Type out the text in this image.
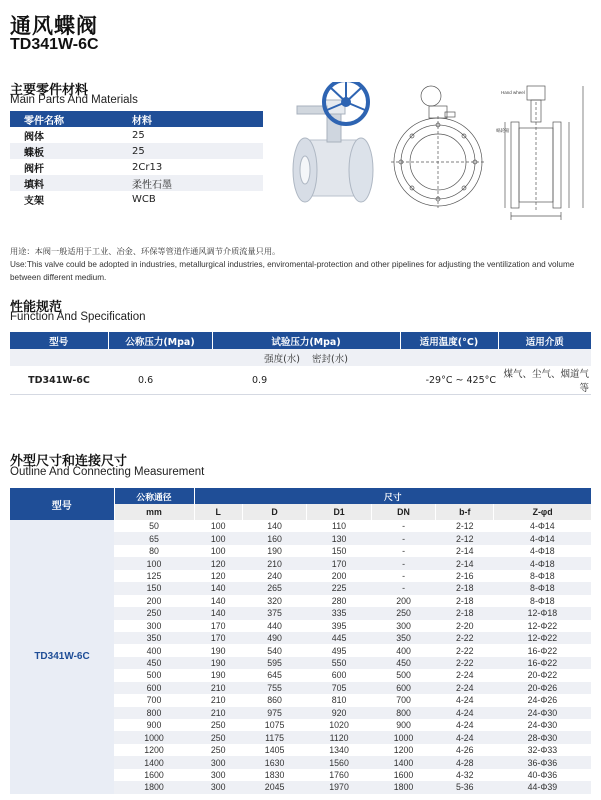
通风蝶阀
TD341W-6C
主要零件材料
Main Parts And Materials
零件名称	材料
阀体	25
蝶板	25
阀杆	2Cr13
填料	柔性石墨
支架	WCB
Hand wheel
蜗轮箱
用途：本阀一般适用于工业、冶金、环保等管道作通风调节介质流量只用。
Use:This valve could be adopted in industries, metallurgical industries, enviromental-protection and other pipelines for adjusting the ventilization and volume between different medium.
性能规范
Function And Specification
型号	公称压力(Mpa)	试验压力(Mpa)		适用温度(°C)	适用介质
		强度(水)	密封(水)		
TD341W-6C	0.6	0.9		-29°C ~ 425°C	煤气、尘气、烟道气等
外型尺寸和连接尺寸
Outline And Connecting Measurement
型号	公称通径	尺寸					
	mm	L	D	D1	DN	b-f	Z-φd
TD341W-6C	50	100	140	110	-	2-12	4-Φ14
	65	100	160	130	-	2-12	4-Φ14
	80	100	190	150	-	2-14	4-Φ18
	100	120	210	170	-	2-14	4-Φ18
	125	120	240	200	-	2-16	8-Φ18
	150	140	265	225	-	2-18	8-Φ18
	200	140	320	280	200	2-18	8-Φ18
	250	140	375	335	250	2-18	12-Φ18
	300	170	440	395	300	2-20	12-Φ22
	350	170	490	445	350	2-22	12-Φ22
	400	190	540	495	400	2-22	16-Φ22
	450	190	595	550	450	2-22	16-Φ22
	500	190	645	600	500	2-24	20-Φ22
	600	210	755	705	600	2-24	20-Φ26
	700	210	860	810	700	4-24	24-Φ26
	800	210	975	920	800	4-24	24-Φ30
	900	250	1075	1020	900	4-24	24-Φ30
	1000	250	1175	1120	1000	4-24	28-Φ30
	1200	250	1405	1340	1200	4-26	32-Φ33
	1400	300	1630	1560	1400	4-28	36-Φ36
	1600	300	1830	1760	1600	4-32	40-Φ36
	1800	300	2045	1970	1800	5-36	44-Φ39
